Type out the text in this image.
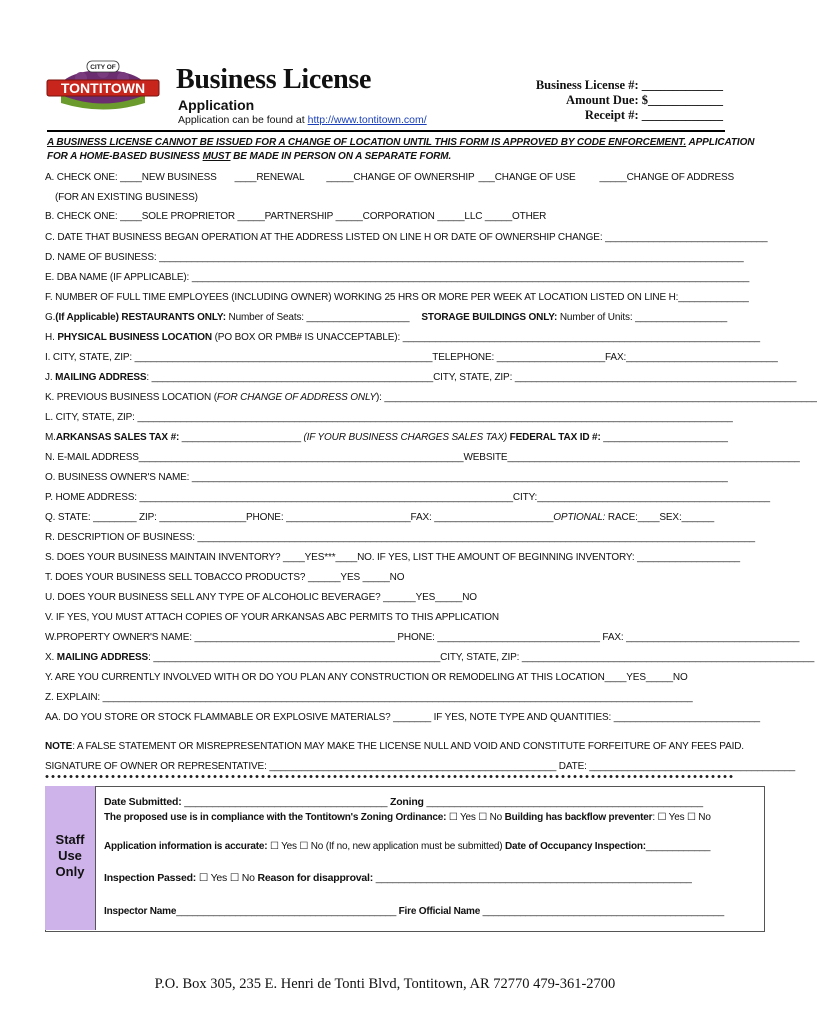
CITY OF
TONTITOWN Business License
Application
Application can be found at http://www.tontitown.com/
Business License #: _____________
Amount Due: $____________
Receipt #: _____________
A BUSINESS LICENSE CANNOT BE ISSUED FOR A CHANGE OF LOCATION UNTIL THIS FORM IS APPROVED BY CODE ENFORCEMENT. APPLICATION
FOR A HOME-BASED BUSINESS MUST BE MADE IN PERSON ON A SEPARATE FORM.
A. CHECK ONE: ____NEW BUSINESS ____RENEWAL _____CHANGE OF OWNERSHIP ___CHANGE OF USE _____CHANGE OF ADDRESS
(FOR AN EXISTING BUSINESS)
B. CHECK ONE: ____SOLE PROPRIETOR _____PARTNERSHIP _____CORPORATION _____LLC _____OTHER
C. DATE THAT BUSINESS BEGAN OPERATION AT THE ADDRESS LISTED ON LINE H OR DATE OF OWNERSHIP CHANGE: ______________________________
D. NAME OF BUSINESS: ____________________________________________________________________________________________________________
E. DBA NAME (IF APPLICABLE): _______________________________________________________________________________________________________
F. NUMBER OF FULL TIME EMPLOYEES (INCLUDING OWNER) WORKING 25 HRS OR MORE PER WEEK AT LOCATION LISTED ON LINE H:_____________
G.(If Applicable) RESTAURANTS ONLY: Number of Seats: ___________________ STORAGE BUILDINGS ONLY: Number of Units: _________________
H. PHYSICAL BUSINESS LOCATION (PO BOX OR PMB# IS UNACCEPTABLE): __________________________________________________________________
I. CITY, STATE, ZIP: _______________________________________________________TELEPHONE: ____________________FAX:____________________________
J. MAILING ADDRESS: ____________________________________________________CITY, STATE, ZIP: ____________________________________________________
K. PREVIOUS BUSINESS LOCATION (FOR CHANGE OF ADDRESS ONLY): ________________________________________________________________________________
L. CITY, STATE, ZIP: ______________________________________________________________________________________________________________
M.ARKANSAS SALES TAX #: ______________________ (IF YOUR BUSINESS CHARGES SALES TAX) FEDERAL TAX ID #: _______________________
N. E-MAIL ADDRESS____________________________________________________________WEBSITE______________________________________________________
O. BUSINESS OWNER'S NAME: ___________________________________________________________________________________________________
P. HOME ADDRESS: _____________________________________________________________________CITY:___________________________________________
Q. STATE: ________ ZIP: ________________PHONE: _______________________FAX: ______________________OPTIONAL: RACE:____SEX:______
R. DESCRIPTION OF BUSINESS: _______________________________________________________________________________________________________
S. DOES YOUR BUSINESS MAINTAIN INVENTORY? ____YES***____NO. IF YES, LIST THE AMOUNT OF BEGINNING INVENTORY: ___________________
T. DOES YOUR BUSINESS SELL TOBACCO PRODUCTS? ______YES _____NO
U. DOES YOUR BUSINESS SELL ANY TYPE OF ALCOHOLIC BEVERAGE? ______YES_____NO
V. IF YES, YOU MUST ATTACH COPIES OF YOUR ARKANSAS ABC PERMITS TO THIS APPLICATION
W.PROPERTY OWNER'S NAME: _____________________________________ PHONE: ______________________________ FAX: ________________________________
X. MAILING ADDRESS: _____________________________________________________CITY, STATE, ZIP: ______________________________________________________
Y. ARE YOU CURRENTLY INVOLVED WITH OR DO YOU PLAN ANY CONSTRUCTION OR REMODELING AT THIS LOCATION____YES_____NO
Z. EXPLAIN: _____________________________________________________________________________________________________________
AA. DO YOU STORE OR STOCK FLAMMABLE OR EXPLOSIVE MATERIALS? _______ IF YES, NOTE TYPE AND QUANTITIES: ___________________________
NOTE: A FALSE STATEMENT OR MISREPRESENTATION MAY MAKE THE LICENSE NULL AND VOID AND CONSTITUTE FORFEITURE OF ANY FEES PAID.
SIGNATURE OF OWNER OR REPRESENTATIVE: _____________________________________________________ DATE: ______________________________________
Staff
Use
Only
Date Submitted: ____________________________________ Zoning _________________________________________________
The proposed use is in compliance with the Tontitown's Zoning Ordinance: ☐ Yes ☐ No Building has backflow preventer: ☐ Yes ☐ No
Application information is accurate: ☐ Yes ☐ No (If no, new application must be submitted) Date of Occupancy Inspection:____________
Inspection Passed: ☐ Yes ☐ No Reason for disapproval: ________________________________________________________
Inspector Name_________________________________________ Fire Official Name _____________________________________________
P.O. Box 305, 235 E. Henri de Tonti Blvd, Tontitown, AR 72770 479-361-2700
